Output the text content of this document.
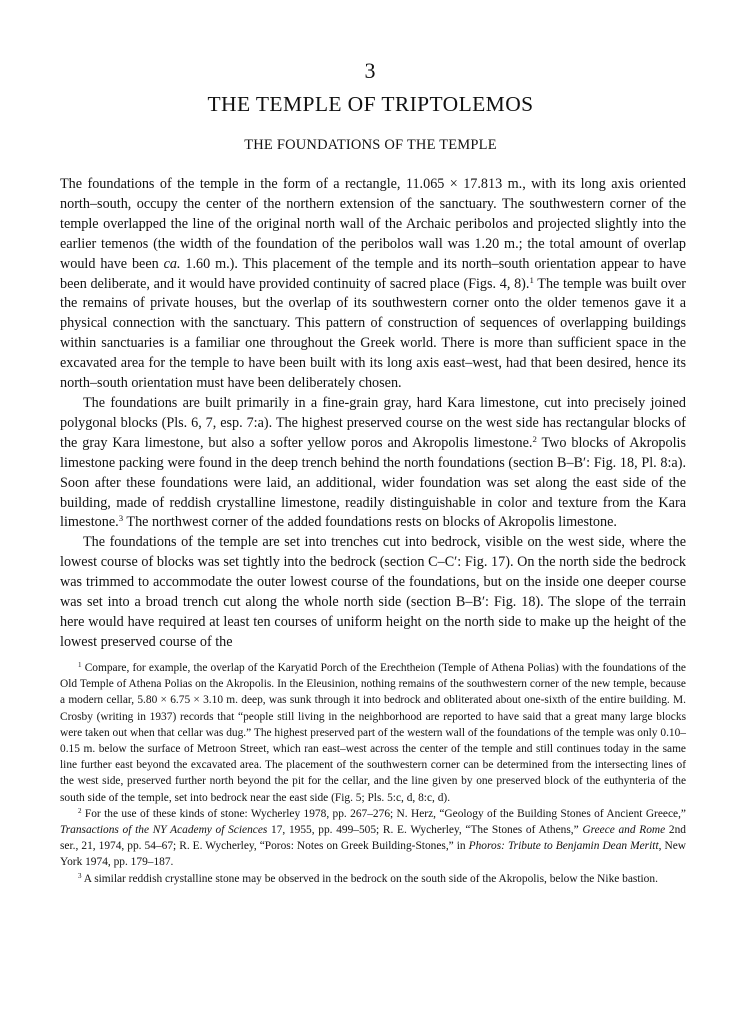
3
THE TEMPLE OF TRIPTOLEMOS
THE FOUNDATIONS OF THE TEMPLE

The foundations of the temple in the form of a rectangle, 11.065 × 17.813 m., with its long axis oriented north–south, occupy the center of the northern extension of the sanctuary. The southwestern corner of the temple overlapped the line of the original north wall of the Archaic peribolos and projected slightly into the earlier temenos (the width of the foundation of the peribolos wall was 1.20 m.; the total amount of overlap would have been ca. 1.60 m.). This placement of the temple and its north–south orientation appear to have been deliberate, and it would have provided continuity of sacred place (Figs. 4, 8).$^1$ The temple was built over the remains of private houses, but the overlap of its southwestern corner onto the older temenos gave it a physical connection with the sanctuary. This pattern of construction of sequences of overlapping buildings within sanctuaries is a familiar one throughout the Greek world. There is more than sufficient space in the excavated area for the temple to have been built with its long axis east–west, had that been desired, hence its north–south orientation must have been deliberately chosen.

The foundations are built primarily in a fine-grain gray, hard Kara limestone, cut into precisely joined polygonal blocks (Pls. 6, 7, esp. 7:a). The highest preserved course on the west side has rectangular blocks of the gray Kara limestone, but also a softer yellow poros and Akropolis limestone.$^2$ Two blocks of Akropolis limestone packing were found in the deep trench behind the north foundations (section B–B′: Fig. 18, Pl. 8:a). Soon after these foundations were laid, an additional, wider foundation was set along the east side of the building, made of reddish crystalline limestone, readily distinguishable in color and texture from the Kara limestone.$^3$ The northwest corner of the added foundations rests on blocks of Akropolis limestone.

The foundations of the temple are set into trenches cut into bedrock, visible on the west side, where the lowest course of blocks was set tightly into the bedrock (section C–C′: Fig. 17). On the north side the bedrock was trimmed to accommodate the outer lowest course of the foundations, but on the inside one deeper course was set into a broad trench cut along the whole north side (section B–B′: Fig. 18). The slope of the terrain here would have required at least ten courses of uniform height on the north side to make up the height of the lowest preserved course of the

$^1$ Compare, for example, the overlap of the Karyatid Porch of the Erechtheion (Temple of Athena Polias) with the foundations of the Old Temple of Athena Polias on the Akropolis. In the Eleusinion, nothing remains of the southwestern corner of the new temple, because a modern cellar, 5.80 × 6.75 × 3.10 m. deep, was sunk through it into bedrock and obliterated about one-sixth of the entire building. M. Crosby (writing in 1937) records that “people still living in the neighborhood are reported to have said that a great many large blocks were taken out when that cellar was dug.” The highest preserved part of the western wall of the foundations of the temple was only 0.10–0.15 m. below the surface of Metroon Street, which ran east–west across the center of the temple and still continues today in the same line further east beyond the excavated area. The placement of the southwestern corner can be determined from the intersecting lines of the west side, preserved further north beyond the pit for the cellar, and the line given by one preserved block of the euthynteria of the south side of the temple, set into bedrock near the east side (Fig. 5; Pls. 5:c, d, 8:c, d).

$^2$ For the use of these kinds of stone: Wycherley 1978, pp. 267–276; N. Herz, “Geology of the Building Stones of Ancient Greece,” Transactions of the NY Academy of Sciences 17, 1955, pp. 499–505; R. E. Wycherley, “The Stones of Athens,” Greece and Rome 2nd ser., 21, 1974, pp. 54–67; R. E. Wycherley, “Poros: Notes on Greek Building-Stones,” in Phoros: Tribute to Benjamin Dean Meritt, New York 1974, pp. 179–187.

$^3$ A similar reddish crystalline stone may be observed in the bedrock on the south side of the Akropolis, below the Nike bastion.
